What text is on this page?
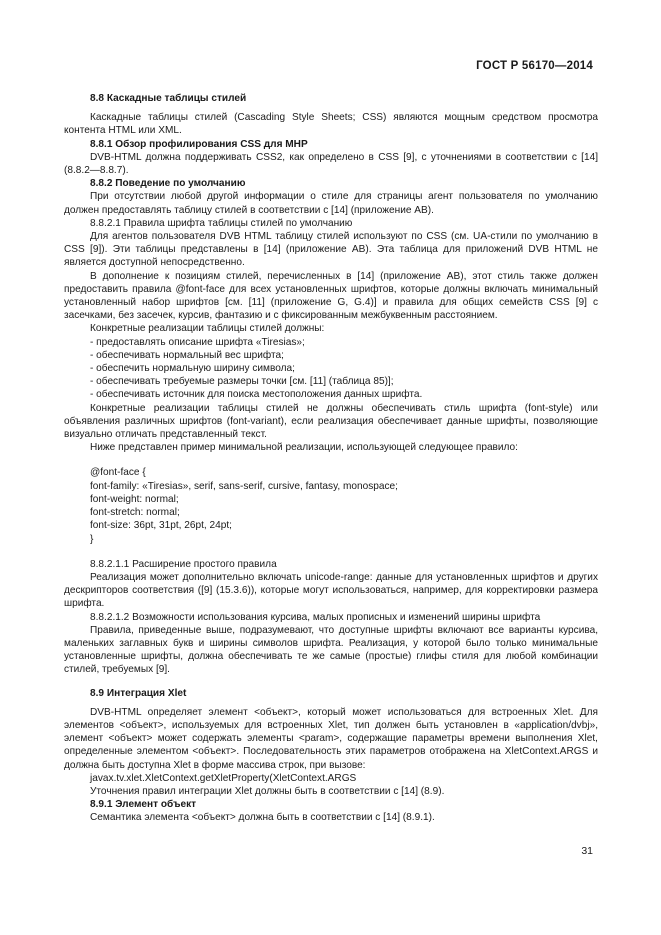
ГОСТ Р 56170—2014
8.8 Каскадные таблицы стилей

Каскадные таблицы стилей (Cascading Style Sheets; CSS) являются мощным средством просмотра контента HTML или XML.

8.8.1 Обзор профилирования CSS для MHP

DVB-HTML должна поддерживать CSS2, как определено в CSS [9], с уточнениями в соответствии с [14] (8.8.2—8.8.7).

8.8.2 Поведение по умолчанию

При отсутствии любой другой информации о стиле для страницы агент пользователя по умолчанию должен предоставлять таблицу стилей в соответствии с [14] (приложение AB).

8.8.2.1 Правила шрифта таблицы стилей по умолчанию

Для агентов пользователя DVB HTML таблицу стилей используют по CSS (см. UA-стили по умолчанию в CSS [9]). Эти таблицы представлены в [14] (приложение AB). Эта таблица для приложений DVB HTML не является доступной непосредственно.

В дополнение к позициям стилей, перечисленных в [14] (приложение AB), этот стиль также должен предоставить правила @font-face для всех установленных шрифтов, которые должны включать минимальный установленный набор шрифтов [см. [11] (приложение G, G.4)] и правила для общих семейств CSS [9] с засечками, без засечек, курсив, фантазию и с фиксированным межбуквенным расстоянием.

Конкретные реализации таблицы стилей должны:

- предоставлять описание шрифта «Tiresias»;
- обеспечивать нормальный вес шрифта;
- обеспечить нормальную ширину символа;
- обеспечивать требуемые размеры точки [см. [11] (таблица 85)];
- обеспечивать источник для поиска местоположения данных шрифта.

Конкретные реализации таблицы стилей не должны обеспечивать стиль шрифта (font-style) или объявления различных шрифтов (font-variant), если реализация обеспечивает данные шрифты, позволяющие визуально отличать представленный текст.

Ниже представлен пример минимальной реализации, использующей следующее правило:

@font-face {
font-family: «Tiresias», serif, sans-serif, cursive, fantasy, monospace;
font-weight: normal;
font-stretch: normal;
font-size: 36pt, 31pt, 26pt, 24pt;
}
8.8.2.1.1 Расширение простого правила

Реализация может дополнительно включать unicode-range: данные для установленных шрифтов и других дескрипторов соответствия ([9] (15.3.6)), которые могут использоваться, например, для корректировки размера шрифта.

8.8.2.1.2 Возможности использования курсива, малых прописных и изменений ширины шрифта

Правила, приведенные выше, подразумевают, что доступные шрифты включают все варианты курсива, маленьких заглавных букв и ширины символов шрифта. Реализация, у которой было только минимальные установленные шрифты, должна обеспечивать те же самые (простые) глифы стиля для любой комбинации стилей, требуемых [9].

8.9 Интеграция Xlet

DVB-HTML определяет элемент <объект>, который может использоваться для встроенных Xlet. Для элементов <объект>, используемых для встроенных Xlet, тип должен быть установлен в «application/dvbj», элемент <объект> может содержать элементы <param>, содержащие параметры времени выполнения Xlet, определенные элементом <объект>. Последовательность этих параметров отображена на XletContext.ARGS и должна быть доступна Xlet в форме массива строк, при вызове:

javax.tv.xlet.XletContext.getXletProperty(XletContext.ARGS

Уточнения правил интеграции Xlet должны быть в соответствии с [14] (8.9).

8.9.1 Элемент объект

Семантика элемента <объект> должна быть в соответствии с [14] (8.9.1).

31
